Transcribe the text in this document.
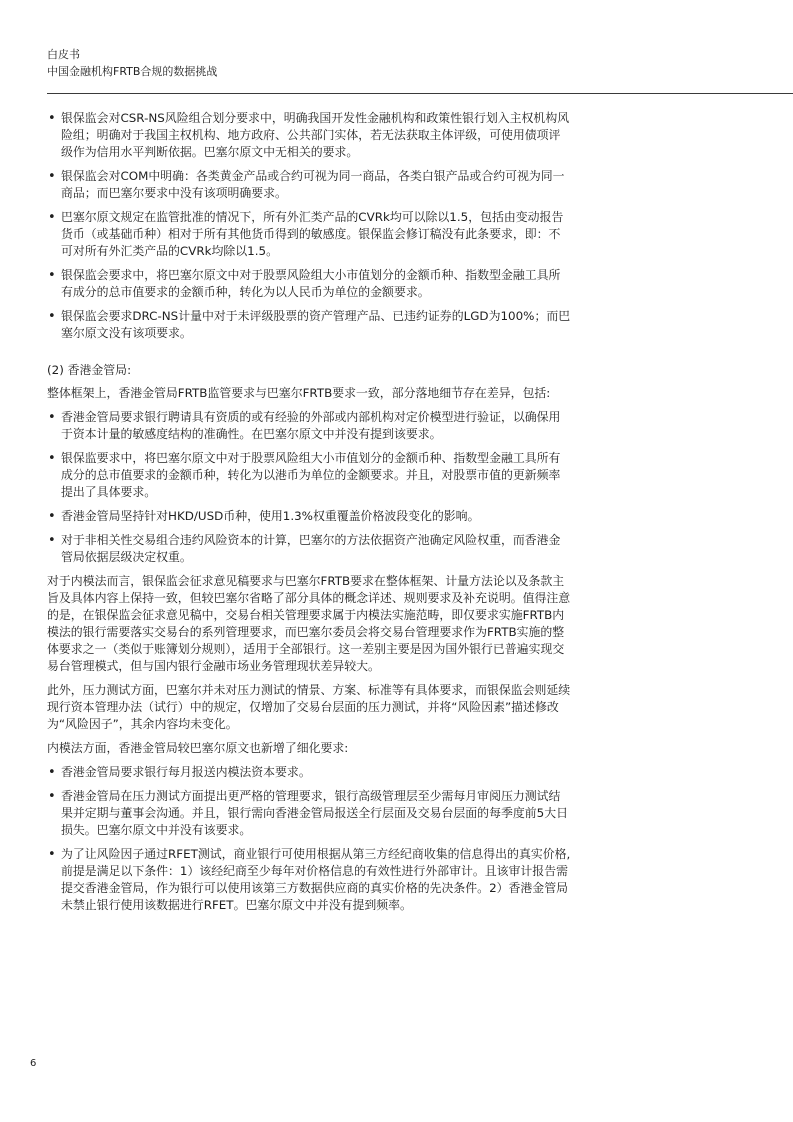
白皮书
中国金融机构FRTB合规的数据挑战
• 银保监会对CSR-NS风险组合划分要求中，明确我国开发性金融机构和政策性银行划入主权机构风险组；明确对于我国主权机构、地方政府、公共部门实体，若无法获取主体评级，可使用债项评级作为信用水平判断依据。巴塞尔原文中无相关的要求。
• 银保监会对COM中明确：各类黄金产品或合约可视为同一商品，各类白银产品或合约可视为同一商品；而巴塞尔要求中没有该项明确要求。
• 巴塞尔原文规定在监管批准的情况下，所有外汇类产品的CVRk均可以除以1.5，包括由变动报告货币（或基础币种）相对于所有其他货币得到的敏感度。银保监会修订稿没有此条要求，即：不可对所有外汇类产品的CVRk均除以1.5。
• 银保监会要求中，将巴塞尔原文中对于股票风险组大小市值划分的金额币种、指数型金融工具所有成分的总市值要求的金额币种，转化为以人民币为单位的金额要求。
• 银保监会要求DRC-NS计量中对于未评级股票的资产管理产品、已违约证券的LGD为100%；而巴塞尔原文没有该项要求。

(2) 香港金管局:

整体框架上，香港金管局FRTB监管要求与巴塞尔FRTB要求一致，部分落地细节存在差异，包括:

• 香港金管局要求银行聘请具有资质的或有经验的外部或内部机构对定价模型进行验证，以确保用于资本计量的敏感度结构的准确性。在巴塞尔原文中并没有提到该要求。
• 银保监要求中，将巴塞尔原文中对于股票风险组大小市值划分的金额币种、指数型金融工具所有成分的总市值要求的金额币种，转化为以港币为单位的金额要求。并且，对股票市值的更新频率提出了具体要求。
• 香港金管局坚持针对HKD/USD币种，使用1.3%权重覆盖价格波段变化的影响。
• 对于非相关性交易组合违约风险资本的计算，巴塞尔的方法依据资产池确定风险权重，而香港金管局依据层级决定权重。

对于内模法而言，银保监会征求意见稿要求与巴塞尔FRTB要求在整体框架、计量方法论以及条款主旨及具体内容上保持一致，但较巴塞尔省略了部分具体的概念详述、规则要求及补充说明。值得注意的是，在银保监会征求意见稿中，交易台相关管理要求属于内模法实施范畴，即仅要求实施FRTB内模法的银行需要落实交易台的系列管理要求，而巴塞尔委员会将交易台管理要求作为FRTB实施的整体要求之一（类似于账簿划分规则），适用于全部银行。这一差别主要是因为国外银行已普遍实现交易台管理模式，但与国内银行金融市场业务管理现状差异较大。

此外，压力测试方面，巴塞尔并未对压力测试的情景、方案、标准等有具体要求，而银保监会则延续现行资本管理办法（试行）中的规定，仅增加了交易台层面的压力测试，并将“风险因素”描述修改为“风险因子”，其余内容均未变化。

内模法方面，香港金管局较巴塞尔原文也新增了细化要求:

• 香港金管局要求银行每月报送内模法资本要求。
• 香港金管局在压力测试方面提出更严格的管理要求，银行高级管理层至少需每月审阅压力测试结果并定期与董事会沟通。并且，银行需向香港金管局报送全行层面及交易台层面的每季度前5大日损失。巴塞尔原文中并没有该要求。
• 为了让风险因子通过RFET测试，商业银行可使用根据从第三方经纪商收集的信息得出的真实价格,前提是满足以下条件：1）该经纪商至少每年对价格信息的有效性进行外部审计。且该审计报告需提交香港金管局，作为银行可以使用该第三方数据供应商的真实价格的先决条件。2）香港金管局未禁止银行使用该数据进行RFET。巴塞尔原文中并没有提到频率。
6
